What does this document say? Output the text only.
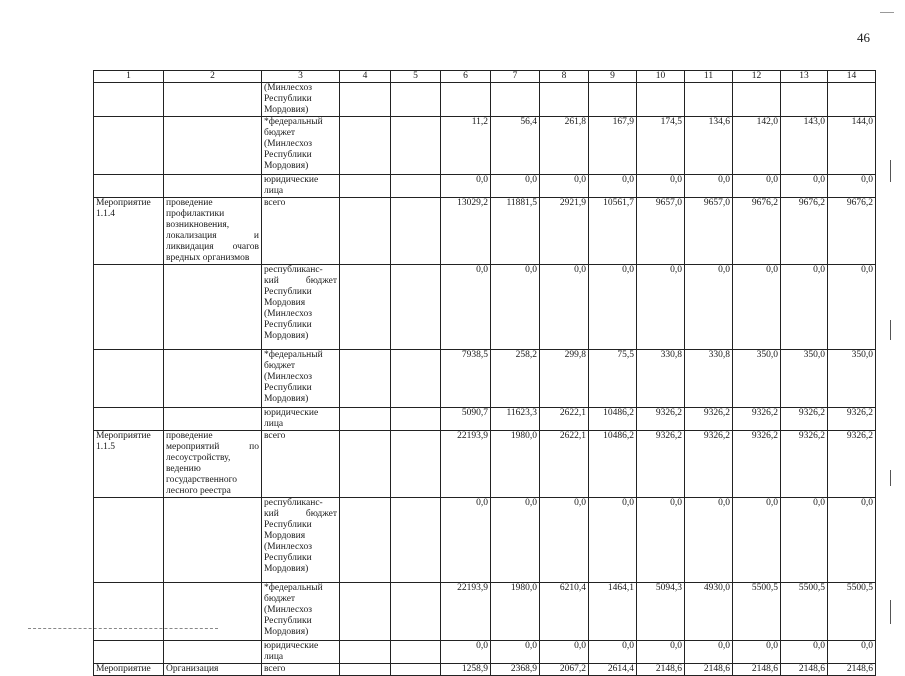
46
1	2	3	4	5	6	7	8	9	10	11	12	13	14
		(Минлесхоз Республики Мордовия)											
		*федеральный бюджет (Минлесхоз Республики Мордовия)			11,2	56,4	261,8	167,9	174,5	134,6	142,0	143,0	144,0
		юридические лица			0,0	0,0	0,0	0,0	0,0	0,0	0,0	0,0	0,0
Мероприятие 1.1.4	проведение профилактики возникновения, локализация и ликвидация очагов вредных организмов	всего			13029,2	11881,5	2921,9	10561,7	9657,0	9657,0	9676,2	9676,2	9676,2
		республиканс-кий бюджет Республики Мордовия (Минлесхоз Республики Мордовия)			0,0	0,0	0,0	0,0	0,0	0,0	0,0	0,0	0,0
		*федеральный бюджет (Минлесхоз Республики Мордовия)			7938,5	258,2	299,8	75,5	330,8	330,8	350,0	350,0	350,0
		юридические лица			5090,7	11623,3	2622,1	10486,2	9326,2	9326,2	9326,2	9326,2	9326,2
Мероприятие 1.1.5	проведение мероприятий по лесоустройству, ведению государственного лесного реестра	всего			22193,9	1980,0	2622,1	10486,2	9326,2	9326,2	9326,2	9326,2	9326,2
		республиканс-кий бюджет Республики Мордовия (Минлесхоз Республики Мордовия)			0,0	0,0	0,0	0,0	0,0	0,0	0,0	0,0	0,0
		*федеральный бюджет (Минлесхоз Республики Мордовия)			22193,9	1980,0	6210,4	1464,1	5094,3	4930,0	5500,5	5500,5	5500,5
		юридические лица			0,0	0,0	0,0	0,0	0,0	0,0	0,0	0,0	0,0
Мероприятие	Организация	всего			1258,9	2368,9	2067,2	2614,4	2148,6	2148,6	2148,6	2148,6	2148,6
